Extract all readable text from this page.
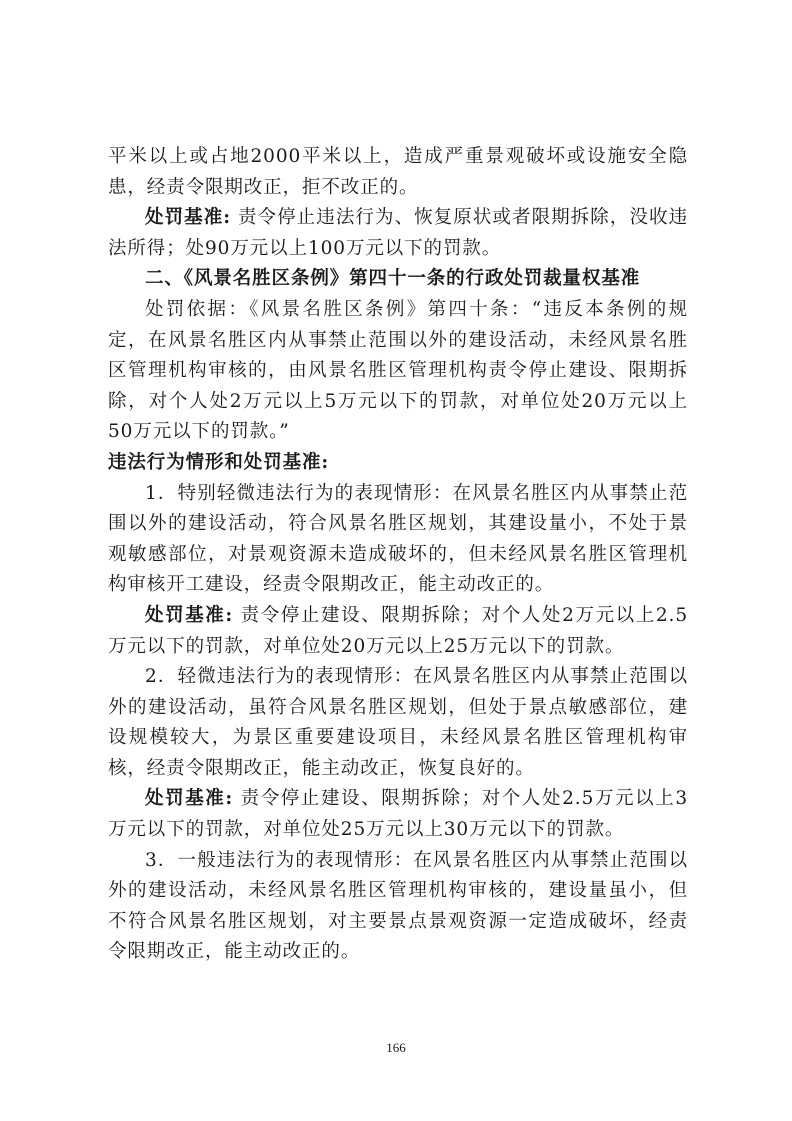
平米以上或占地2000平米以上，造成严重景观破坏或设施安全隐患，经责令限期改正，拒不改正的。

处罚基准: 责令停止违法行为、恢复原状或者限期拆除，没收违法所得；处90万元以上100万元以下的罚款。

二、《风景名胜区条例》第四十一条的行政处罚裁量权基准

处罚依据：《风景名胜区条例》第四十条：“违反本条例的规定，在风景名胜区内从事禁止范围以外的建设活动，未经风景名胜区管理机构审核的，由风景名胜区管理机构责令停止建设、限期拆除，对个人处2万元以上5万元以下的罚款，对单位处20万元以上50万元以下的罚款。”

违法行为情形和处罚基准:

1．特别轻微违法行为的表现情形：在风景名胜区内从事禁止范围以外的建设活动，符合风景名胜区规划，其建设量小，不处于景观敏感部位，对景观资源未造成破坏的，但未经风景名胜区管理机构审核开工建设，经责令限期改正，能主动改正的。

处罚基准: 责令停止建设、限期拆除；对个人处2万元以上2.5万元以下的罚款，对单位处20万元以上25万元以下的罚款。

2．轻微违法行为的表现情形：在风景名胜区内从事禁止范围以外的建设活动，虽符合风景名胜区规划，但处于景点敏感部位，建设规模较大，为景区重要建设项目，未经风景名胜区管理机构审核，经责令限期改正，能主动改正，恢复良好的。

处罚基准: 责令停止建设、限期拆除；对个人处2.5万元以上3万元以下的罚款，对单位处25万元以上30万元以下的罚款。

3．一般违法行为的表现情形：在风景名胜区内从事禁止范围以外的建设活动，未经风景名胜区管理机构审核的，建设量虽小，但不符合风景名胜区规划，对主要景点景观资源一定造成破坏，经责令限期改正，能主动改正的。

166
